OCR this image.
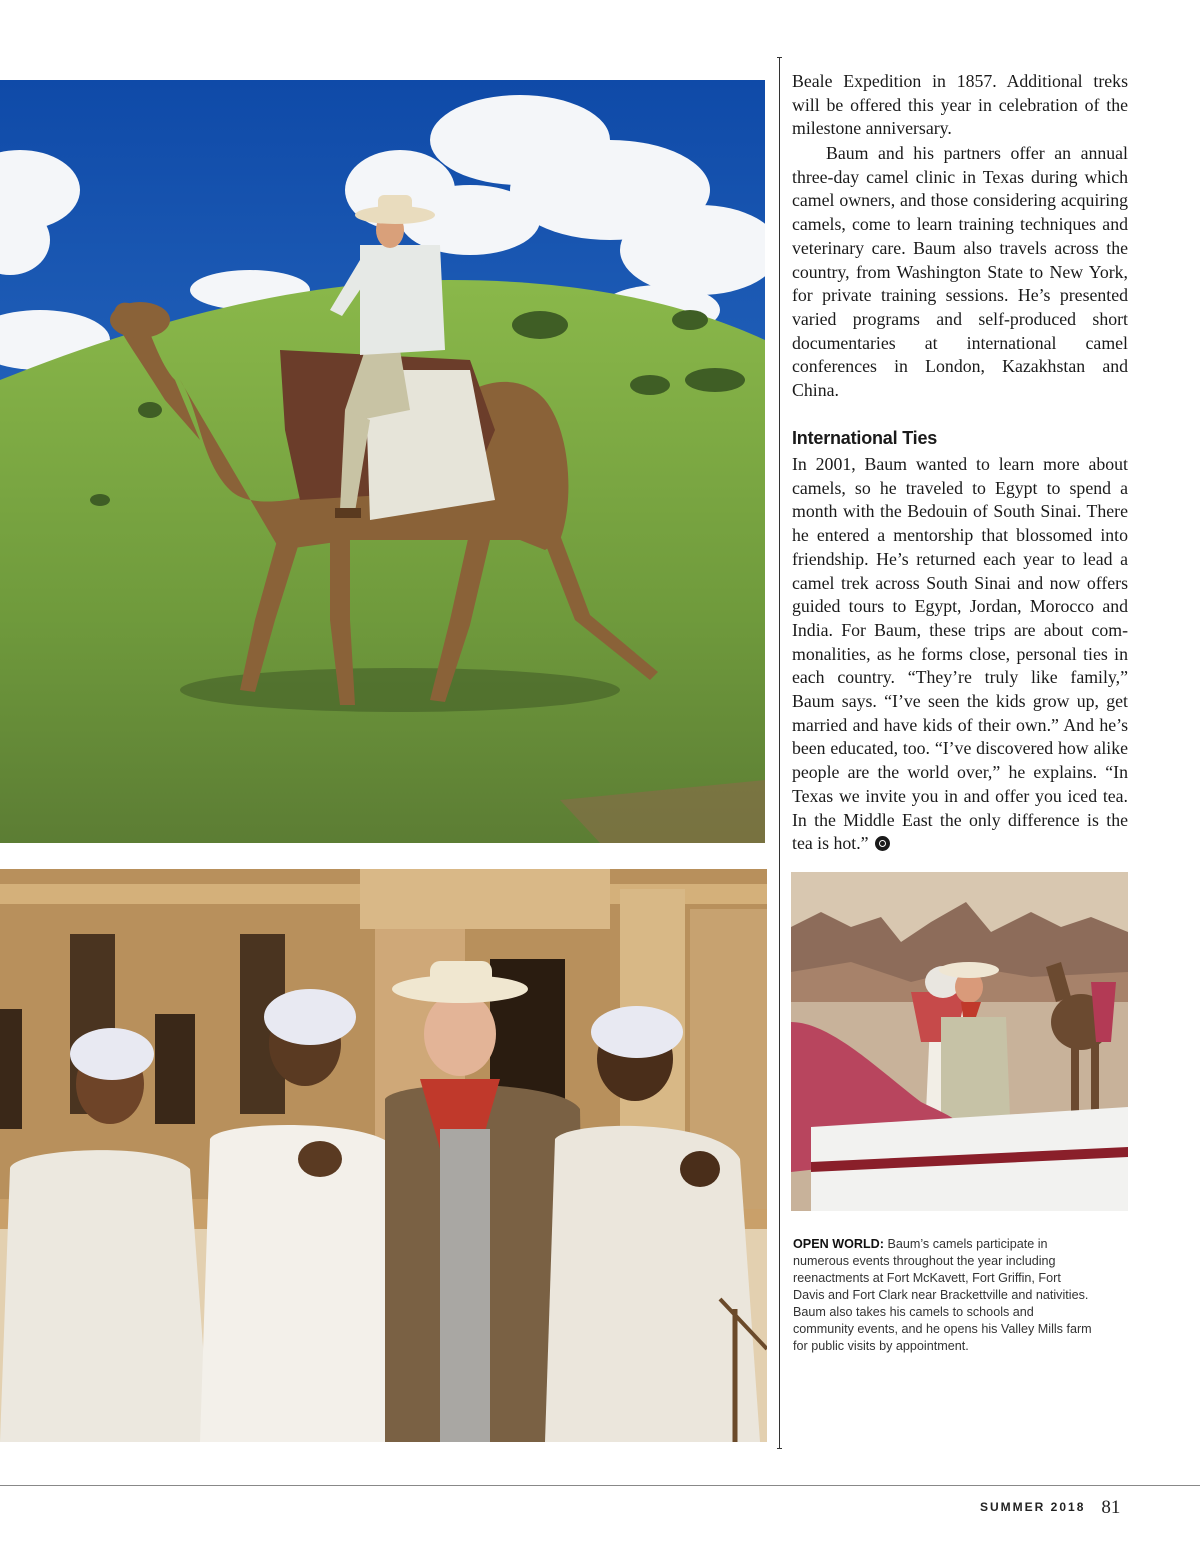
Beale Expedition in 1857. Additional treks will be offered this year in celebration of the milestone anniversary.

Baum and his partners offer an annual three-day camel clinic in Texas during which camel owners, and those considering acquiring camels, come to learn training techniques and veterinary care. Baum also travels across the country, from Washington State to New York, for private training sessions. He’s presented varied programs and self-produced short documentaries at international camel conferences in London, Kazakhstan and China.

International Ties

In 2001, Baum wanted to learn more about camels, so he traveled to Egypt to spend a month with the Bedouin of South Sinai. There he entered a mentorship that blossomed into friendship. He’s returned each year to lead a camel trek across South Sinai and now offers guided tours to Egypt, Jordan, Morocco and India. For Baum, these trips are about commonalities, as he forms close, personal ties in each country. “They’re truly like family,” Baum says. “I’ve seen the kids grow up, get married and have kids of their own.” And he’s been educated, too. “I’ve discovered how alike people are the world over,” he explains. “In Texas we invite you in and offer you iced tea. In the Middle East the only difference is the tea is hot.”

OPEN WORLD: Baum’s camels participate in numerous events throughout the year including reenactments at Fort McKavett, Fort Griffin, Fort Davis and Fort Clark near Brackettville and nativities. Baum also takes his camels to schools and community events, and he opens his Valley Mills farm for public visits by appointment.

SUMMER 2018 81
